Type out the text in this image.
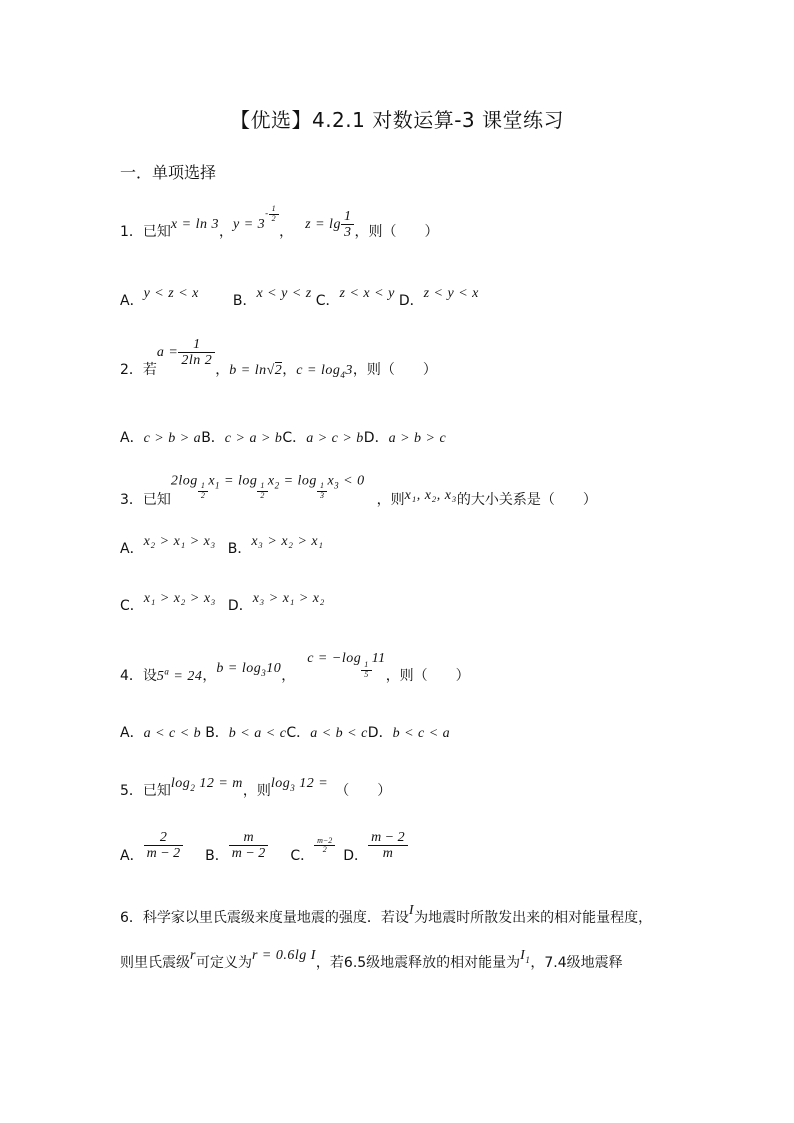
【优选】4.2.1 对数运算-3 课堂练习
一．单项选择
1．已知x = ln 3，$y = 3^{- \frac{1}{2}}$
， $z = \lg \frac{1}{3}$ ，则（　　）
A．y < z < x B．x < y < z C．z < x < y D．z < y < x
2．若$a = \frac{1}{2\ln 2}$
，b = ln√2，$c = \log_43$，则（　　）
A．c > b > aB．c > a > bC．a > c > bD．a > b > c
3．已知2log
$\frac{1}{2}$
$x_1 = \log$
$\frac{1}{2}$
$x_2 = \log$
$\frac{1}{3}$
$x_3 < 0$，则x₁, x₂, x₃的大小关系是（　　）
A．x₂ > x₁ > x₃ B．x₃ > x₂ > x₁
C．x₁ > x₂ > x₃ D．x₃ > x₁ > x₂
4．设$5^a = 24$，$b = \log_310$，c = −log
$\frac{1}{5}$
11，则（　　）
A．a < c < b B．b < a < cC．a < b < cD．b < c < a
5．已知$\log_2 12 = m$，则$\log_3 12$ =　（　　）
A． $\frac{2}{m - 2}$ B． $\frac{m}{m - 2}$ C．
$\frac{m-2}{2}$
D． $\frac{m - 2}{m}$
6．科学家以里氏震级来度量地震的强度．若设I为地震时所散发出来的相对能量程度，
则里氏震级r可定义为r = 0.6lg I，若6.5级地震释放的相对能量为$I_1$，7.4级地震释
